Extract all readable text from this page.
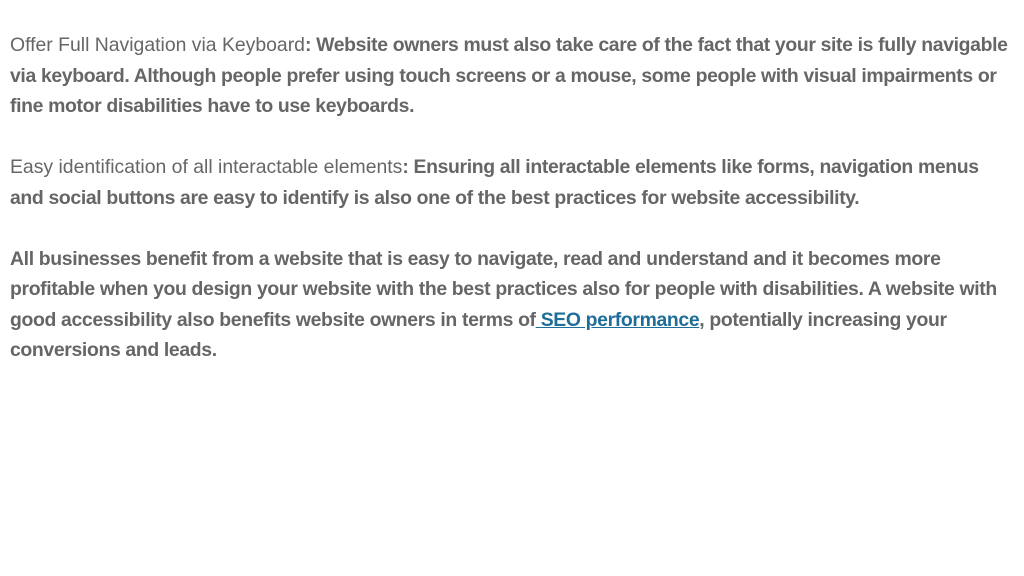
Offer Full Navigation via Keyboard: Website owners must also take care of the fact that your site is fully navigable via keyboard. Although people prefer using touch screens or a mouse, some people with visual impairments or fine motor disabilities have to use keyboards.

Easy identification of all interactable elements: Ensuring all interactable elements like forms, navigation menus and social buttons are easy to identify is also one of the best practices for website accessibility.

All businesses benefit from a website that is easy to navigate, read and understand and it becomes more profitable when you design your website with the best practices also for people with disabilities. A website with good accessibility also benefits website owners in terms of SEO performance, potentially increasing your conversions and leads.
